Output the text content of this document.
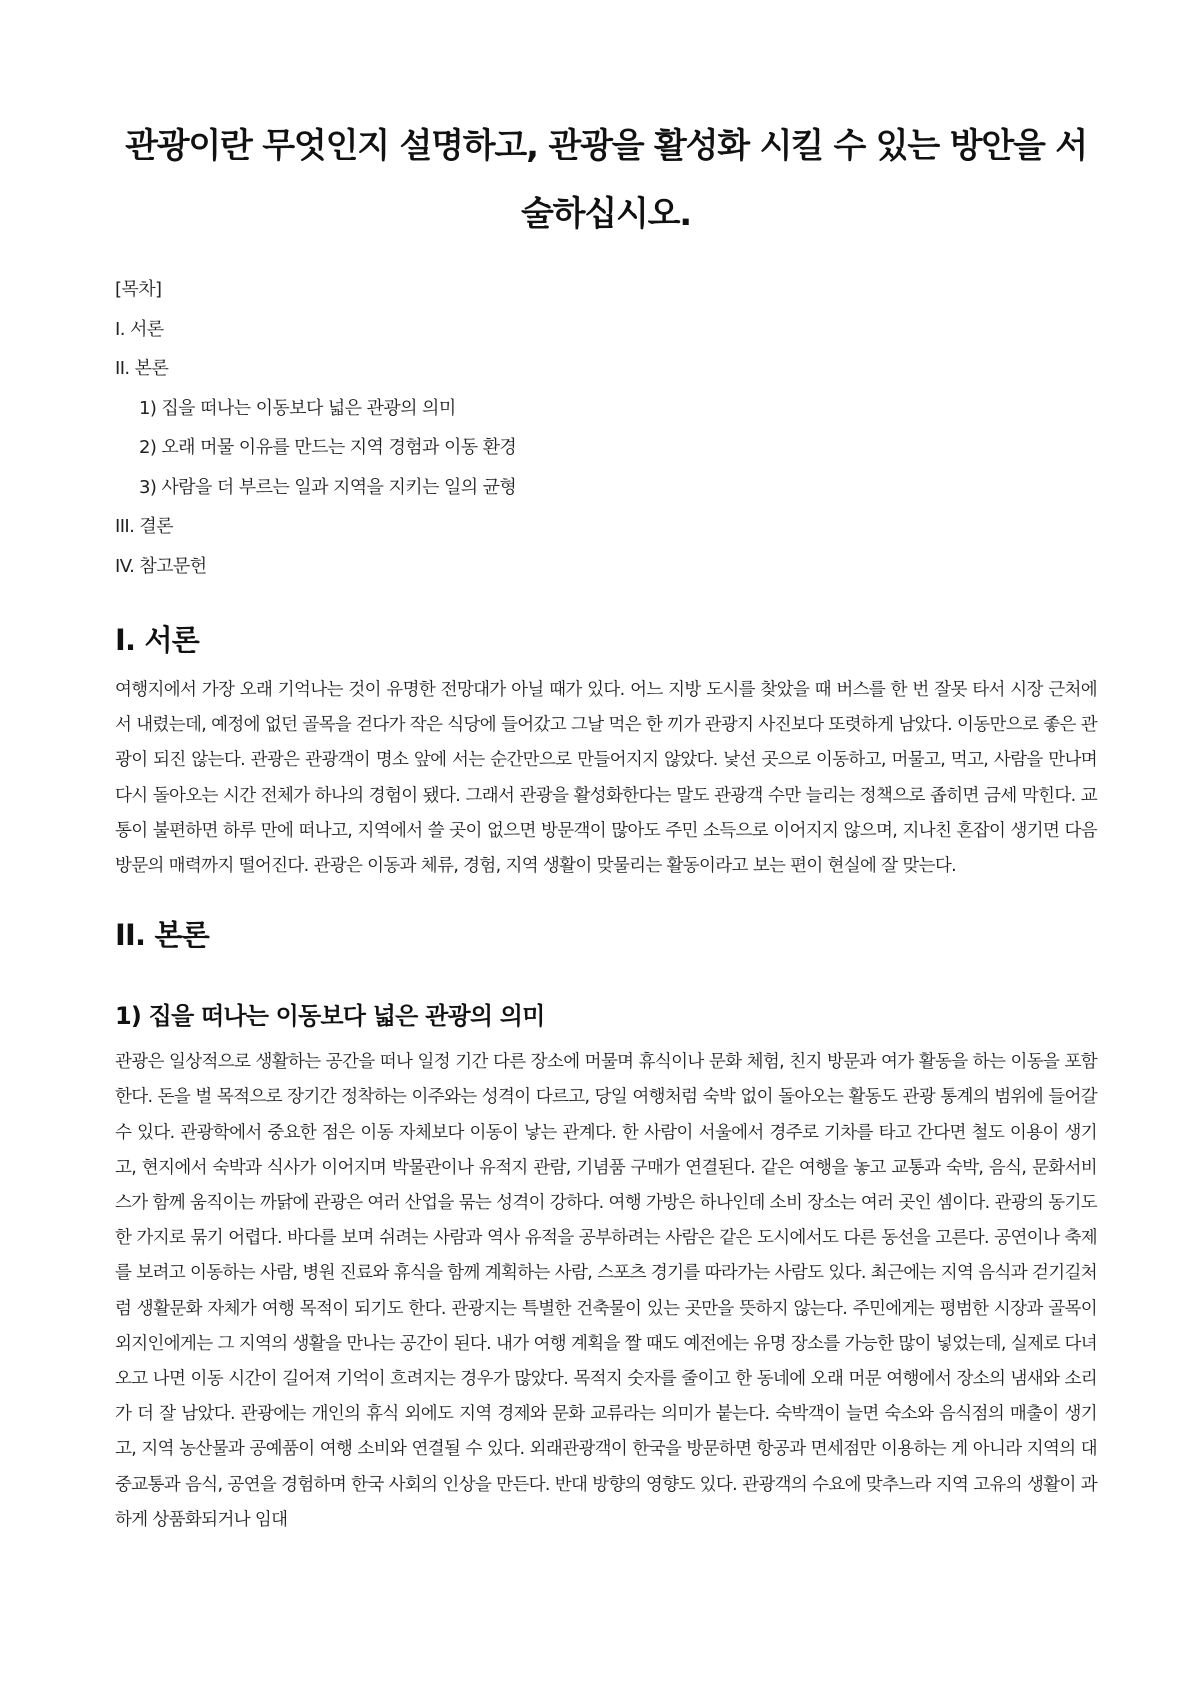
관광이란 무엇인지 설명하고, 관광을 활성화 시킬 수 있는 방안을 서술하십시오.
[목차]
I. 서론
II. 본론
1) 집을 떠나는 이동보다 넓은 관광의 의미
2) 오래 머물 이유를 만드는 지역 경험과 이동 환경
3) 사람을 더 부르는 일과 지역을 지키는 일의 균형
III. 결론
IV. 참고문헌
I. 서론

여행지에서 가장 오래 기억나는 것이 유명한 전망대가 아닐 때가 있다. 어느 지방 도시를 찾았을 때 버스를 한 번 잘못 타서 시장 근처에서 내렸는데, 예정에 없던 골목을 걷다가 작은 식당에 들어갔고 그날 먹은 한 끼가 관광지 사진보다 또렷하게 남았다. 이동만으로 좋은 관광이 되진 않는다. 관광은 관광객이 명소 앞에 서는 순간만으로 만들어지지 않았다. 낯선 곳으로 이동하고, 머물고, 먹고, 사람을 만나며 다시 돌아오는 시간 전체가 하나의 경험이 됐다. 그래서 관광을 활성화한다는 말도 관광객 수만 늘리는 정책으로 좁히면 금세 막힌다. 교통이 불편하면 하루 만에 떠나고, 지역에서 쓸 곳이 없으면 방문객이 많아도 주민 소득으로 이어지지 않으며, 지나친 혼잡이 생기면 다음 방문의 매력까지 떨어진다. 관광은 이동과 체류, 경험, 지역 생활이 맞물리는 활동이라고 보는 편이 현실에 잘 맞는다.

II. 본론
1) 집을 떠나는 이동보다 넓은 관광의 의미

관광은 일상적으로 생활하는 공간을 떠나 일정 기간 다른 장소에 머물며 휴식이나 문화 체험, 친지 방문과 여가 활동을 하는 이동을 포함한다. 돈을 벌 목적으로 장기간 정착하는 이주와는 성격이 다르고, 당일 여행처럼 숙박 없이 돌아오는 활동도 관광 통계의 범위에 들어갈 수 있다. 관광학에서 중요한 점은 이동 자체보다 이동이 낳는 관계다. 한 사람이 서울에서 경주로 기차를 타고 간다면 철도 이용이 생기고, 현지에서 숙박과 식사가 이어지며 박물관이나 유적지 관람, 기념품 구매가 연결된다. 같은 여행을 놓고 교통과 숙박, 음식, 문화서비스가 함께 움직이는 까닭에 관광은 여러 산업을 묶는 성격이 강하다. 여행 가방은 하나인데 소비 장소는 여러 곳인 셈이다. 관광의 동기도 한 가지로 묶기 어렵다. 바다를 보며 쉬려는 사람과 역사 유적을 공부하려는 사람은 같은 도시에서도 다른 동선을 고른다. 공연이나 축제를 보려고 이동하는 사람, 병원 진료와 휴식을 함께 계획하는 사람, 스포츠 경기를 따라가는 사람도 있다. 최근에는 지역 음식과 걷기길처럼 생활문화 자체가 여행 목적이 되기도 한다. 관광지는 특별한 건축물이 있는 곳만을 뜻하지 않는다. 주민에게는 평범한 시장과 골목이 외지인에게는 그 지역의 생활을 만나는 공간이 된다. 내가 여행 계획을 짤 때도 예전에는 유명 장소를 가능한 많이 넣었는데, 실제로 다녀오고 나면 이동 시간이 길어져 기억이 흐려지는 경우가 많았다. 목적지 숫자를 줄이고 한 동네에 오래 머문 여행에서 장소의 냄새와 소리가 더 잘 남았다. 관광에는 개인의 휴식 외에도 지역 경제와 문화 교류라는 의미가 붙는다. 숙박객이 늘면 숙소와 음식점의 매출이 생기고, 지역 농산물과 공예품이 여행 소비와 연결될 수 있다. 외래관광객이 한국을 방문하면 항공과 면세점만 이용하는 게 아니라 지역의 대중교통과 음식, 공연을 경험하며 한국 사회의 인상을 만든다. 반대 방향의 영향도 있다. 관광객의 수요에 맞추느라 지역 고유의 생활이 과하게 상품화되거나 임대
